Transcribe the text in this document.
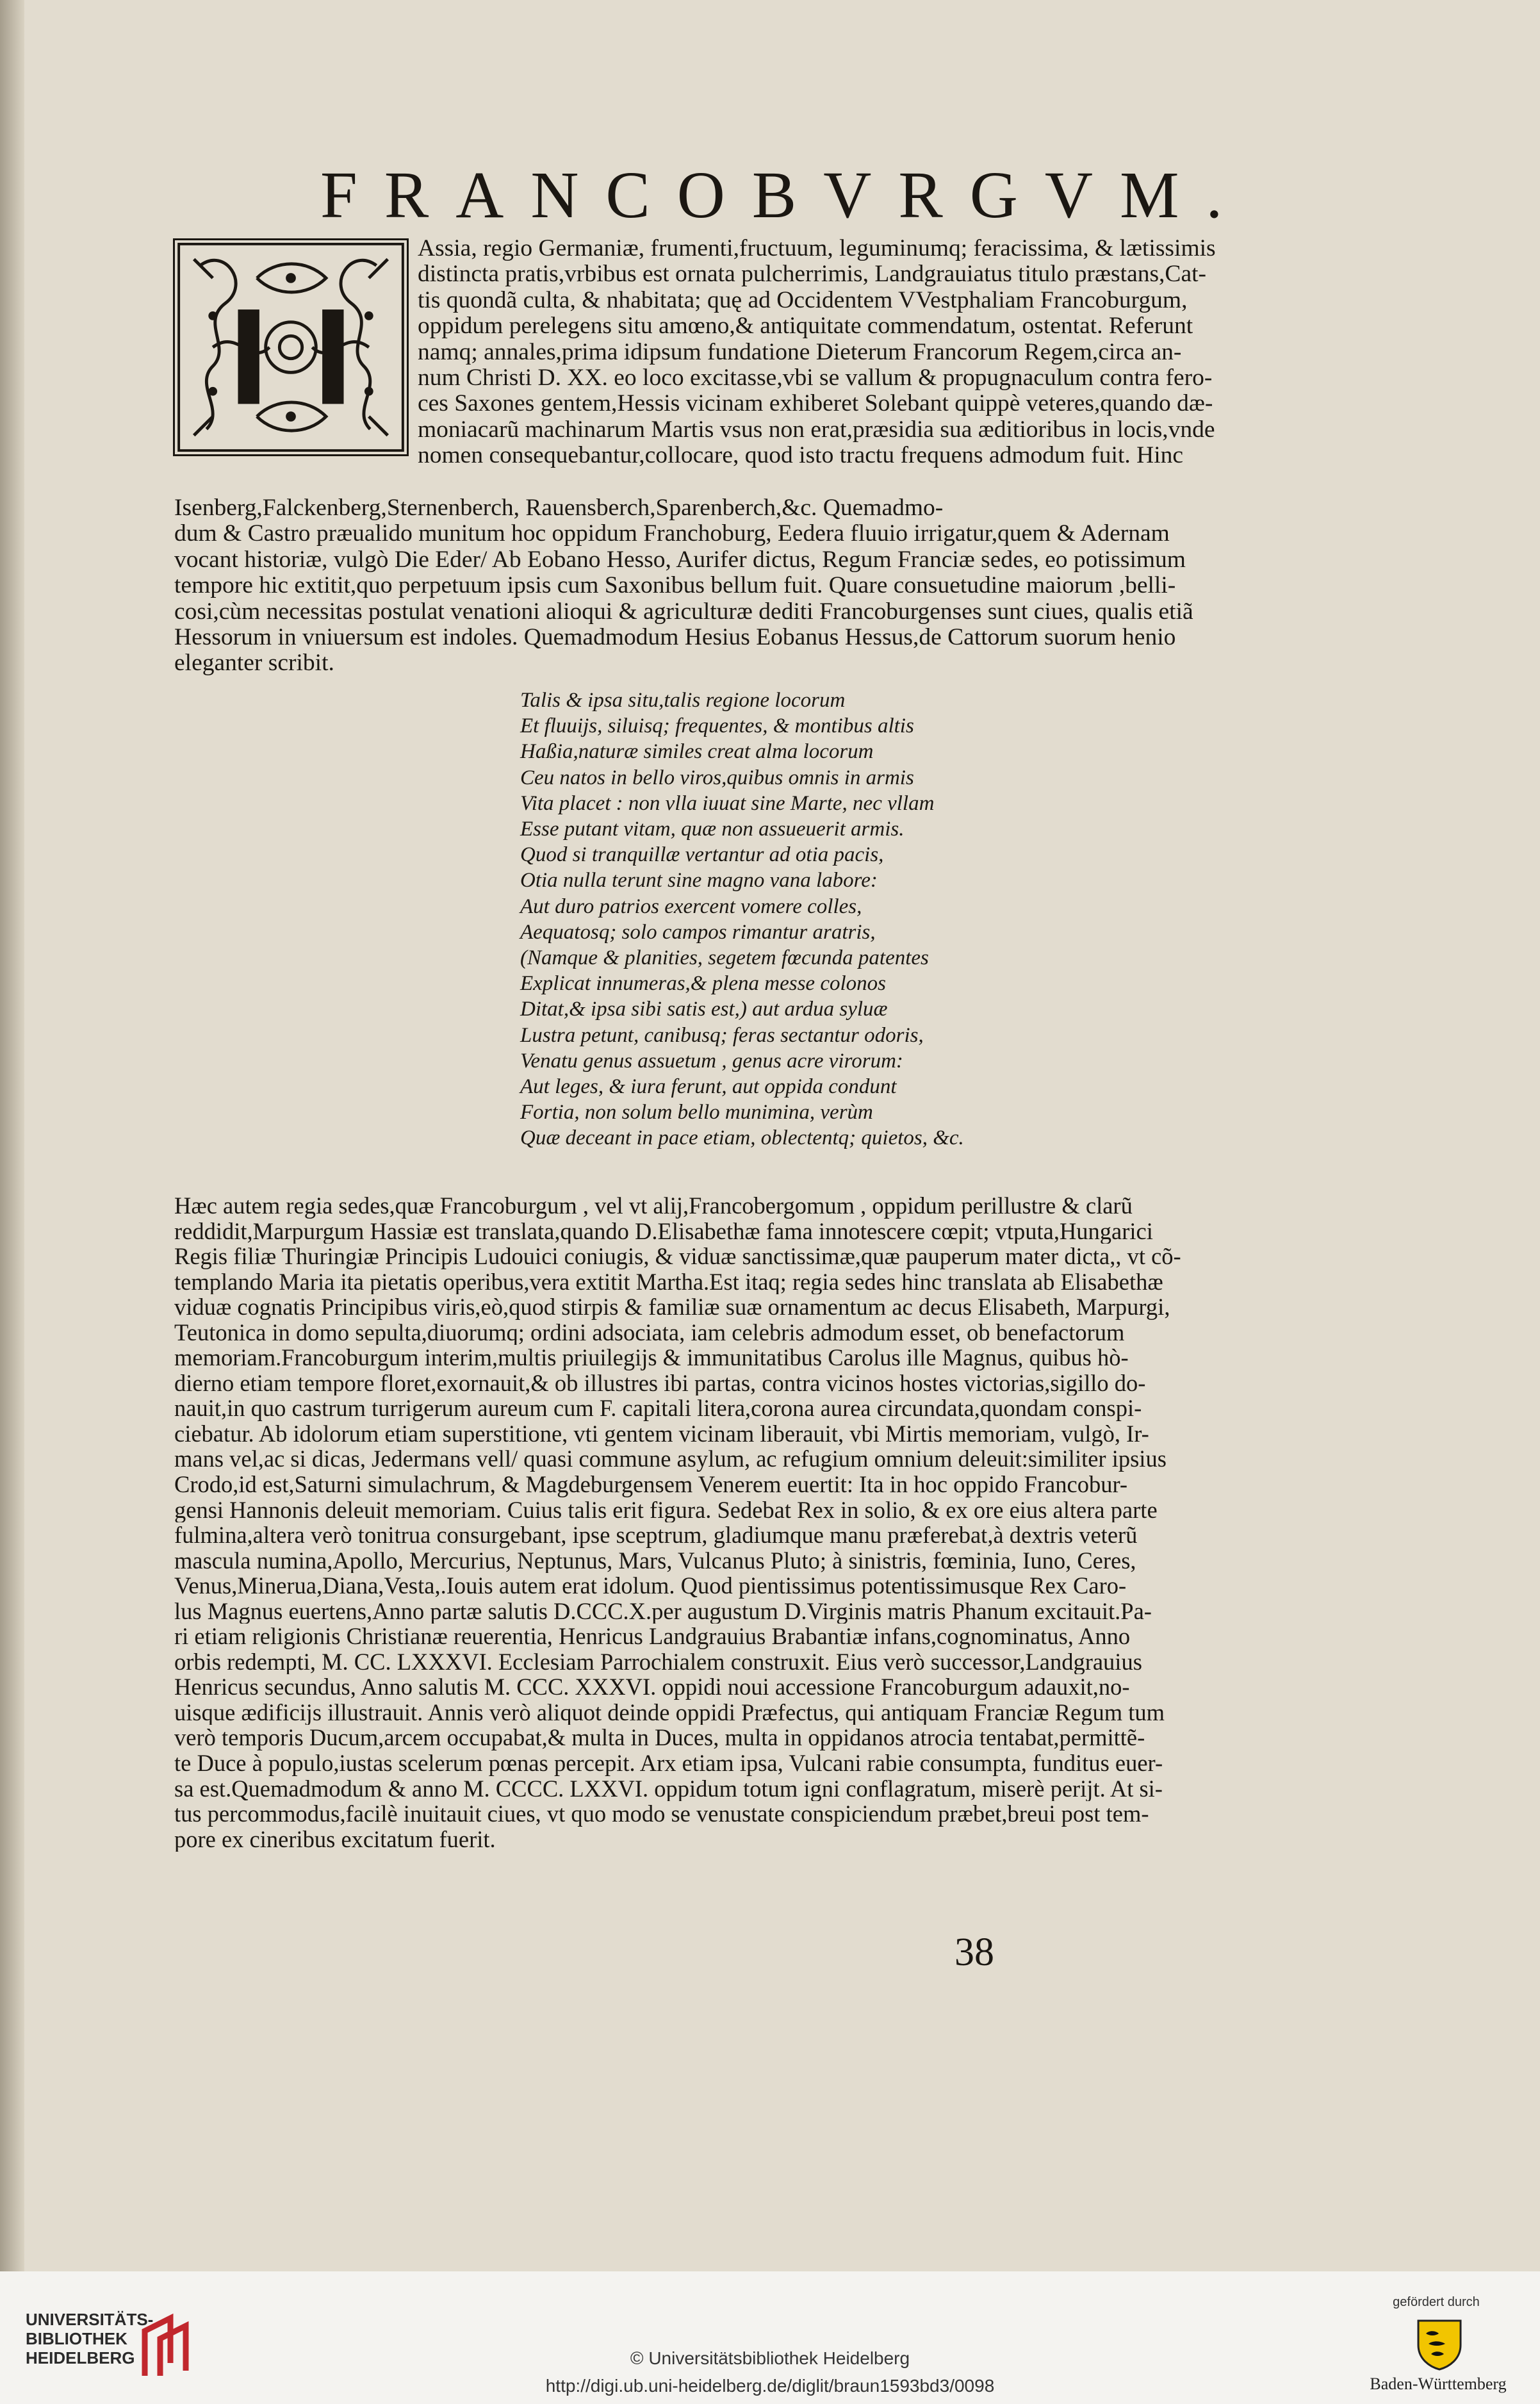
FRANCOBVRGVM.
Assia, regio Germaniæ, frumenti,fructuum, leguminumq; feracissima, & lætissimis
distincta pratis,vrbibus est ornata pulcherrimis, Landgrauiatus titulo præstans,Cat-
tis quondã culta, & nhabitata; quę ad Occidentem VVestphaliam Francoburgum,
oppidum perelegens situ amœno,& antiquitate commendatum, ostentat. Referunt
namq; annales,prima idipsum fundatione Dieterum Francorum Regem,circa an-
num Christi D. XX. eo loco excitasse,vbi se vallum & propugnaculum contra fero-
ces Saxones gentem,Hessis vicinam exhiberet Solebant quippè veteres,quando dæ-
moniacarũ machinarum Martis vsus non erat,præsidia sua æditioribus in locis,vnde
nomen consequebantur,collocare, quod isto tractu frequens admodum fuit. Hinc
Isenberg,Falckenberg,Sternenberch, Rauensberch,Sparenberch,&c. Quemadmo-
dum & Castro præualido munitum hoc oppidum Franchoburg, Eedera fluuio irrigatur,quem & Adernam
vocant historiæ, vulgò Die Eder/ Ab Eobano Hesso, Aurifer dictus, Regum Franciæ sedes, eo potissimum
tempore hic extitit,quo perpetuum ipsis cum Saxonibus bellum fuit. Quare consuetudine maiorum ,belli-
cosi,cùm necessitas postulat venationi alioqui & agriculturæ dediti Francoburgenses sunt ciues, qualis etiã
Hessorum in vniuersum est indoles. Quemadmodum Hesius Eobanus Hessus,de Cattorum suorum henio
eleganter scribit.
Talis & ipsa situ,talis regione locorum
Et fluuijs, siluisq; frequentes, & montibus altis
Haßia,naturæ similes creat alma locorum
Ceu natos in bello viros,quibus omnis in armis
Vita placet : non vlla iuuat sine Marte, nec vllam
Esse putant vitam, quæ non assueuerit armis.
Quod si tranquillæ vertantur ad otia pacis,
Otia nulla terunt sine magno vana labore:
Aut duro patrios exercent vomere colles,
Aequatosq; solo campos rimantur aratris,
(Namque & planities, segetem fœcunda patentes
Explicat innumeras,& plena messe colonos
Ditat,& ipsa sibi satis est,) aut ardua syluæ
Lustra petunt, canibusq; feras sectantur odoris,
Venatu genus assuetum , genus acre virorum:
Aut leges, & iura ferunt, aut oppida condunt
Fortia, non solum bello munimina, verùm
Quæ deceant in pace etiam, oblectentq; quietos, &c.
Hæc autem regia sedes,quæ Francoburgum , vel vt alij,Francobergomum , oppidum perillustre & clarũ
reddidit,Marpurgum Hassiæ est translata,quando D.Elisabethæ fama innotescere cœpit; vtputa,Hungarici
Regis filiæ Thuringiæ Principis Ludouici coniugis, & viduæ sanctissimæ,quæ pauperum mater dicta,, vt cõ-
templando Maria ita pietatis operibus,vera extitit Martha.Est itaq; regia sedes hinc translata ab Elisabethæ
viduæ cognatis Principibus viris,eò,quod stirpis & familiæ suæ ornamentum ac decus Elisabeth, Marpurgi,
Teutonica in domo sepulta,diuorumq; ordini adsociata, iam celebris admodum esset, ob benefactorum
memoriam.Francoburgum interim,multis priuilegijs & immunitatibus Carolus ille Magnus, quibus hò-
dierno etiam tempore floret,exornauit,& ob illustres ibi partas, contra vicinos hostes victorias,sigillo do-
nauit,in quo castrum turrigerum aureum cum F. capitali litera,corona aurea circundata,quondam conspi-
ciebatur. Ab idolorum etiam superstitione, vti gentem vicinam liberauit, vbi Mirtis memoriam, vulgò, Ir-
mans vel,ac si dicas, Jedermans vell/ quasi commune asylum, ac refugium omnium deleuit:similiter ipsius
Crodo,id est,Saturni simulachrum, & Magdeburgensem Venerem euertit: Ita in hoc oppido Francobur-
gensi Hannonis deleuit memoriam. Cuius talis erit figura. Sedebat Rex in solio, & ex ore eius altera parte
fulmina,altera verò tonitrua consurgebant, ipse sceptrum, gladiumque manu præferebat,à dextris veterũ
mascula numina,Apollo, Mercurius, Neptunus, Mars, Vulcanus Pluto; à sinistris, fœminia, Iuno, Ceres,
Venus,Minerua,Diana,Vesta,.Iouis autem erat idolum. Quod pientissimus potentissimusque Rex Caro-
lus Magnus euertens,Anno partæ salutis D.CCC.X.per augustum D.Virginis matris Phanum excitauit.Pa-
ri etiam religionis Christianæ reuerentia, Henricus Landgrauius Brabantiæ infans,cognominatus, Anno
orbis redempti, M. CC. LXXXVI. Ecclesiam Parrochialem construxit. Eius verò successor,Landgrauius
Henricus secundus, Anno salutis M. CCC. XXXVI. oppidi noui accessione Francoburgum adauxit,no-
uisque ædificijs illustrauit. Annis verò aliquot deinde oppidi Præfectus, qui antiquam Franciæ Regum tum
verò temporis Ducum,arcem occupabat,& multa in Duces, multa in oppidanos atrocia tentabat,permittẽ-
te Duce à populo,iustas scelerum pœnas percepit. Arx etiam ipsa, Vulcani rabie consumpta, funditus euer-
sa est.Quemadmodum & anno M. CCCC. LXXVI. oppidum totum igni conflagratum, miserè perijt. At si-
tus percommodus,facilè inuitauit ciues, vt quo modo se venustate conspiciendum præbet,breui post tem-
pore ex cineribus excitatum fuerit.
38
UNIVERSITÄTS-
BIBLIOTHEK
HEIDELBERG	© Universitätsbibliothek Heidelberg
http://digi.ub.uni-heidelberg.de/diglit/braun1593bd3/0098
gefördert durch
Baden-Württemberg
